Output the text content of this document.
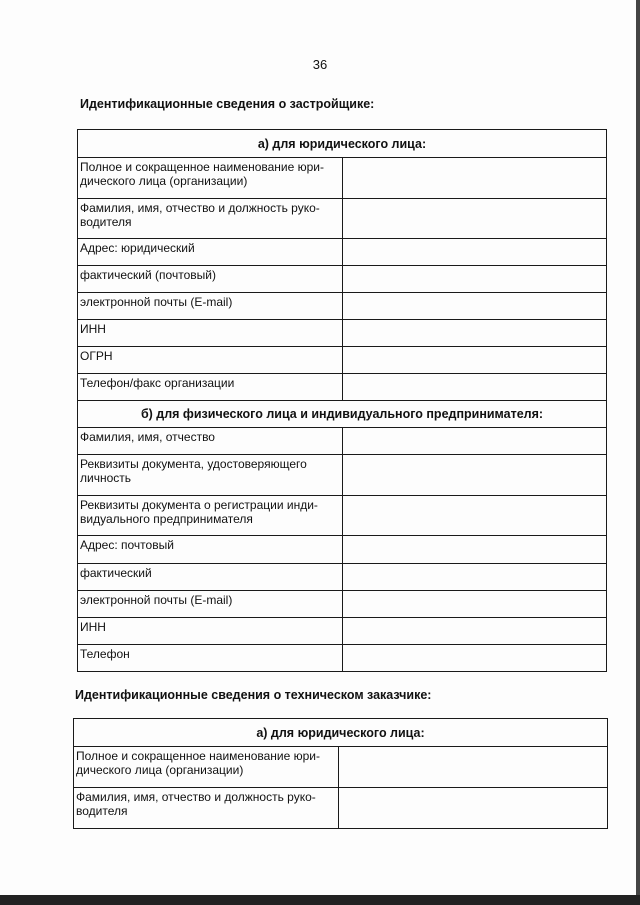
36
Идентификационные сведения о застройщике:
а) для юридического лица:	

Полное и сокращенное наименование юри-дического лица (организации)	

Фамилия, имя, отчество и должность руко-водителя	

Адрес: юридический	

фактический (почтовый)	

электронной почты (E-mail)	

ИНН	

ОГРН	

Телефон/факс организации	

б) для физического лица и индивидуального предпринимателя:	

Фамилия, имя, отчество	

Реквизиты документа, удостоверяющего личность	

Реквизиты документа о регистрации инди-видуального предпринимателя	

Адрес: почтовый	

фактический	

электронной почты (E-mail)	

ИНН	

Телефон	

Идентификационные сведения о техническом заказчике:
а) для юридического лица:	

Полное и сокращенное наименование юри-дического лица (организации)	

Фамилия, имя, отчество и должность руко-водителя	
